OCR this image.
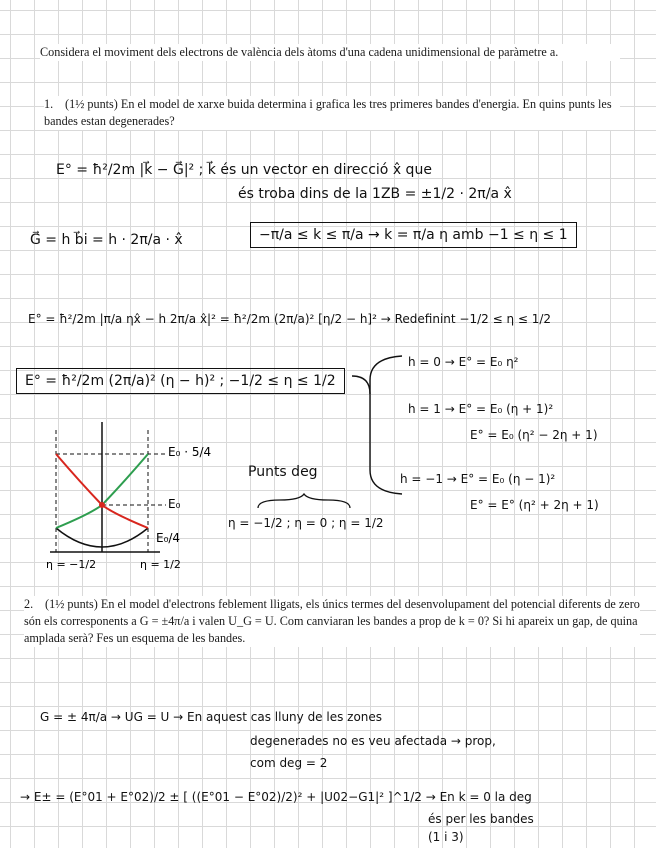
Considera el moviment dels electrons de valència dels àtoms d'una cadena unidimensional de paràmetre a.
1. (1½ punts) En el model de xarxe buida determina i grafica les tres primeres bandes d'energia. En quins punts les bandes estan degenerades?
E° = ħ²/2m |k⃗ − G⃗|² ; k⃗ és un vector en direcció x̂ que
és troba dins de la 1ZB = ±1/2 · 2π/a x̂
G⃗ = h b⃗i = h · 2π/a · x̂	−π/a ≤ k ≤ π/a → k = π/a η amb −1 ≤ η ≤ 1
E° = ħ²/2m |π/a ηx̂ − h 2π/a x̂|² = ħ²/2m (2π/a)² [η/2 − h]² → Redefinint −1/2 ≤ η ≤ 1/2
E° = ħ²/2m (2π/a)² (η − h)² ; −1/2 ≤ η ≤ 1/2
h = 0 → E° = E₀ η²
h = 1 → E° = E₀ (η + 1)²
E° = E₀ (η² − 2η + 1)
h = −1 → E° = E₀ (η − 1)²
E° = E° (η² + 2η + 1)
E₀ · 5/4
E₀
E₀/4
η = −1/2	η = 1/2
Punts deg
η = −1/2 ; η = 0 ; η = 1/2
2. (1½ punts) En el model d'electrons feblement lligats, els únics termes del desenvolupament del potencial diferents de zero són els corresponents a G = ±4π/a i valen U_G = U. Com canviaran les bandes a prop de k = 0? Si hi apareix un gap, de quina amplada serà? Fes un esquema de les bandes.
G = ± 4π/a → UG = U → En aquest cas lluny de les zones
degenerades no es veu afectada → prop,
com deg = 2
→ E± = (E°01 + E°02)/2 ± [ ((E°01 − E°02)/2)² + |U02−G1|² ]^1/2 → En k = 0 la deg
és per les bandes
(1 i 3)
